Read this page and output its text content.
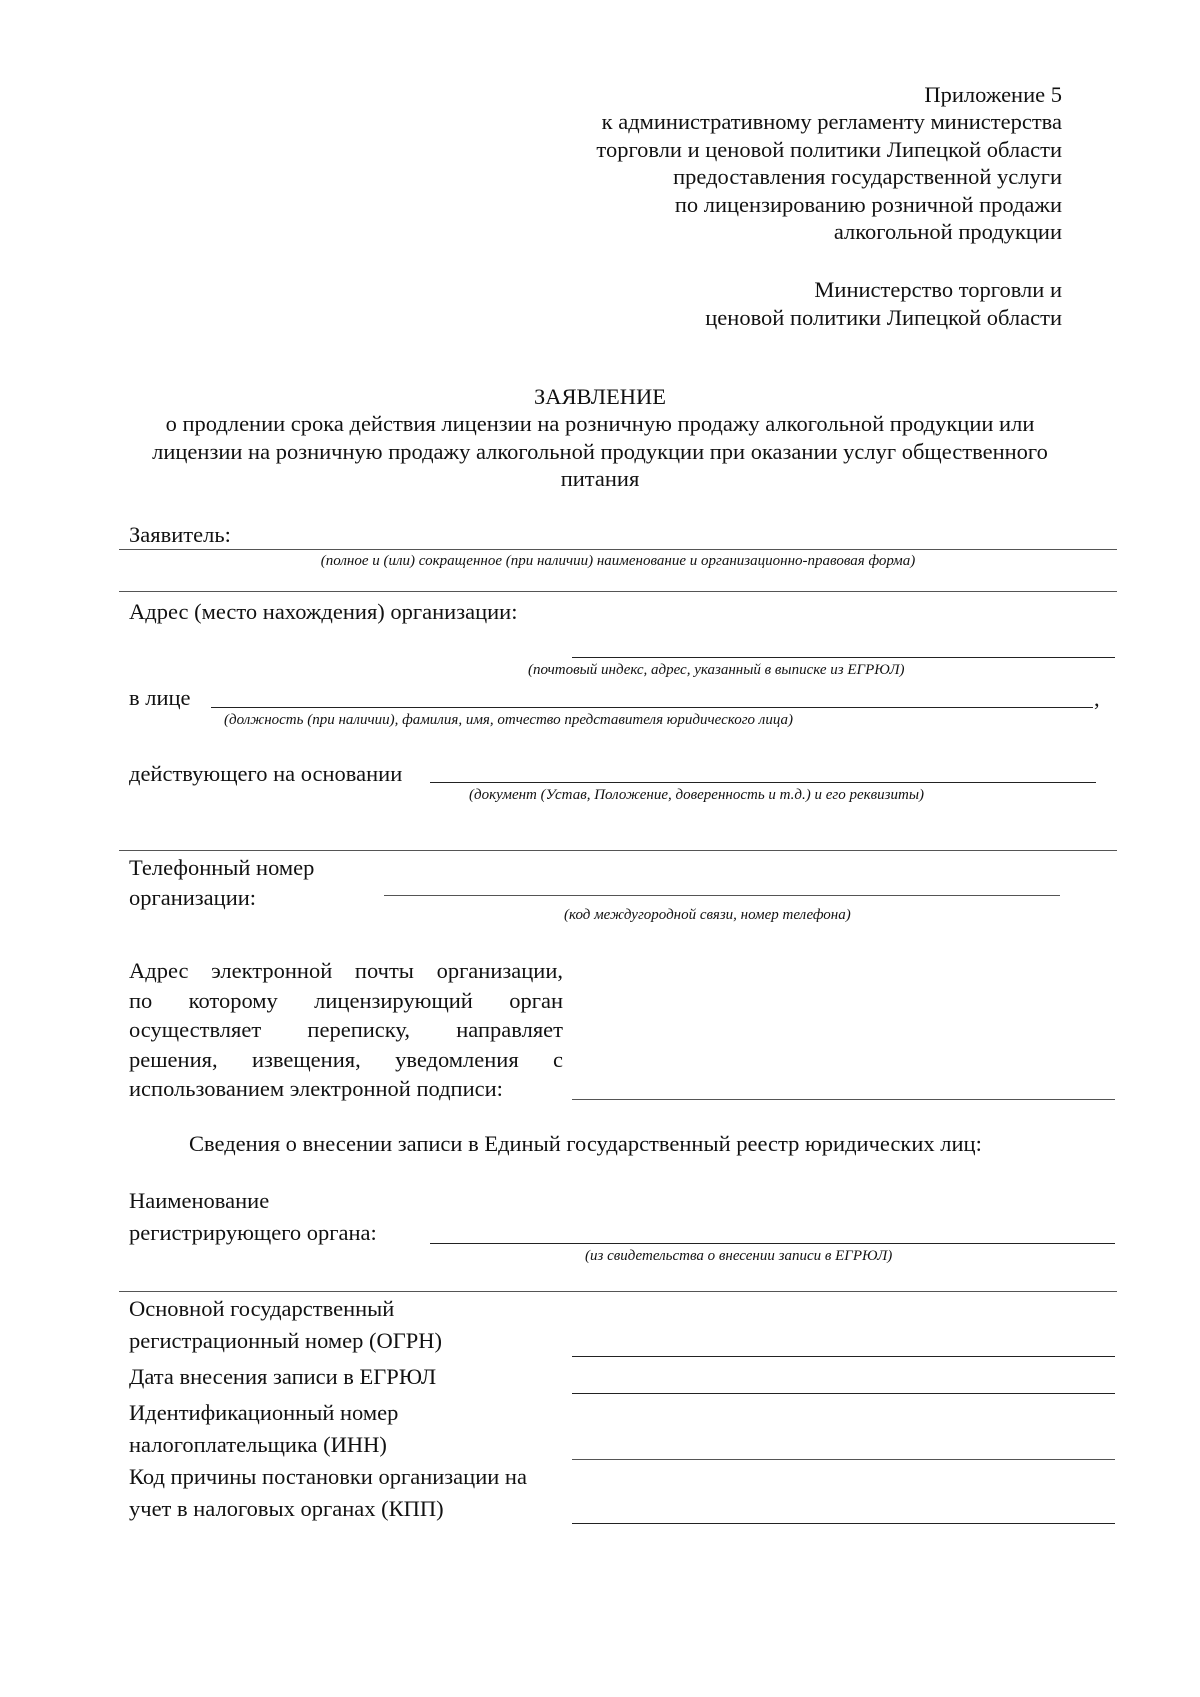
Приложение 5
к административному регламенту министерства
торговли и ценовой политики Липецкой области
предоставления государственной услуги
по лицензированию розничной продажи
алкогольной продукции
Министерство торговли и
ценовой политики Липецкой области
ЗАЯВЛЕНИЕ
о продлении срока действия лицензии на розничную продажу алкогольной продукции или
лицензии на розничную продажу алкогольной продукции при оказании услуг общественного
питания
Заявитель:
(полное и (или) сокращенное (при наличии) наименование и организационно-правовая форма)
Адрес (место нахождения) организации:
(почтовый индекс, адрес, указанный в выписке из ЕГРЮЛ)
в лице	,
(должность (при наличии), фамилия, имя, отчество представителя юридического лица)
действующего на основании
(документ (Устав, Положение, доверенность и т.д.) и его реквизиты)
Телефонный номер
организации:
(код междугородной связи, номер телефона)
Адрес электронной почты организации,
по которому лицензирующий орган
осуществляет переписку, направляет
решения, извещения, уведомления с
использованием электронной подписи:
Сведения о внесении записи в Единый государственный реестр юридических лиц:
Наименование
регистрирующего органа:
(из свидетельства о внесении записи в ЕГРЮЛ)
Основной государственный
регистрационный номер (ОГРН)
Дата внесения записи в ЕГРЮЛ
Идентификационный номер
налогоплательщика (ИНН)
Код причины постановки организации на
учет в налоговых органах (КПП)
